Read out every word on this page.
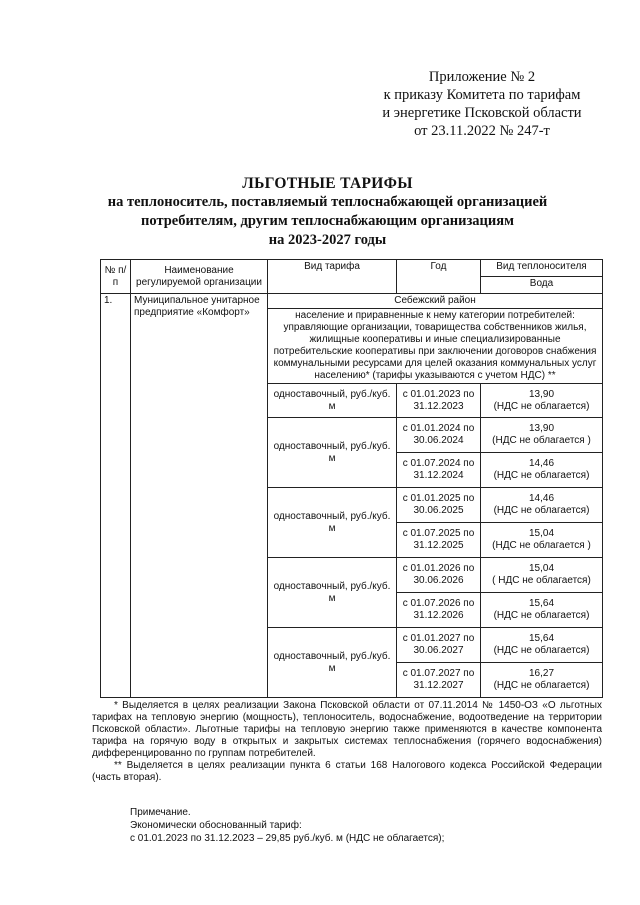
Приложение № 2
к приказу Комитета по тарифам
и энергетике Псковской области
от 23.11.2022 № 247-т
ЛЬГОТНЫЕ ТАРИФЫ
на теплоноситель, поставляемый теплоснабжающей организацией
потребителям, другим теплоснабжающим организациям
на 2023-2027 годы
№ п/п	Наименование регулируемой организации	Вид тарифа	Год	Вид теплоносителя
				Вода
1.	Муниципальное унитарное предприятие «Комфорт»	Себежский район		
		население и приравненные к нему категории потребителей: управляющие организации, товарищества собственников жилья, жилищные кооперативы и иные специализированные потребительские кооперативы при заключении договоров снабжения коммунальными ресурсами для целей оказания коммунальных услуг населению* (тарифы указываются с учетом НДС) **		
		одноставочный, руб./куб. м	с 01.01.2023 по 31.12.2023	13,90
(НДС не облагается)

		одноставочный, руб./куб. м	с 01.01.2024 по 30.06.2024	13,90
(НДС не облагается )

			с 01.07.2024 по 31.12.2024	14,46
(НДС не облагается)

		одноставочный, руб./куб. м	с 01.01.2025 по 30.06.2025	14,46
(НДС не облагается)

			с 01.07.2025 по 31.12.2025	15,04
(НДС не облагается )

		одноставочный, руб./куб. м	с 01.01.2026 по 30.06.2026	15,04
( НДС не облагается)

			с 01.07.2026 по 31.12.2026	15,64
(НДС не облагается)

		одноставочный, руб./куб. м	с 01.01.2027 по 30.06.2027	15,64
(НДС не облагается)

			с 01.07.2027 по 31.12.2027	16,27
(НДС не облагается)

* Выделяется в целях реализации Закона Псковской области от 07.11.2014 № 1450-ОЗ «О льготных тарифах на тепловую энергию (мощность), теплоноситель, водоснабжение, водоотведение на территории Псковской области». Льготные тарифы на тепловую энергию также применяются в качестве компонента тарифа на горячую воду в открытых и закрытых системах теплоснабжения (горячего водоснабжения) дифференцированно по группам потребителей.

** Выделяется в целях реализации пункта 6 статьи 168 Налогового кодекса Российской Федерации (часть вторая).

Примечание.
Экономически обоснованный тариф:
с 01.01.2023 по 31.12.2023 – 29,85 руб./куб. м (НДС не облагается);
